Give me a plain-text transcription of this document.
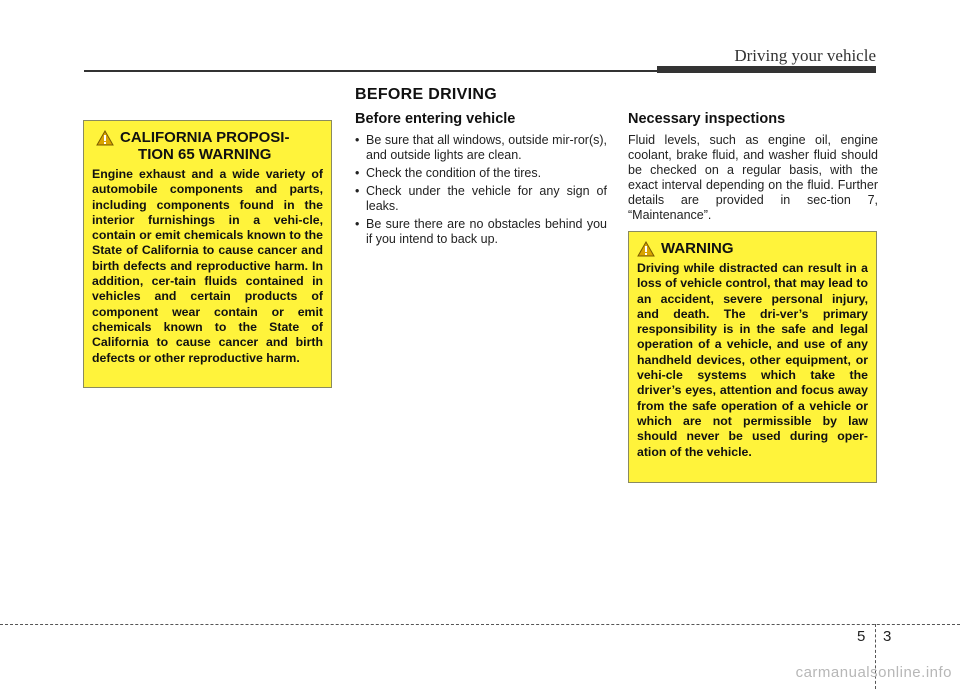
Driving your vehicle
BEFORE DRIVING
CALIFORNIA PROPOSI-
TION 65 WARNING
Engine exhaust and a wide variety of automobile components and parts, including components found in the interior furnishings in a vehi-cle, contain or emit chemicals known to the State of California to cause cancer and birth defects and reproductive harm. In addition, cer-tain fluids contained in vehicles and certain products of component wear contain or emit chemicals known to the State of California to cause cancer and birth defects or other reproductive harm.
Before entering vehicle
• Be sure that all windows, outside mir-ror(s), and outside lights are clean.
• Check the condition of the tires.
• Check under the vehicle for any sign of leaks.
• Be sure there are no obstacles behind you if you intend to back up.
Necessary inspections

Fluid levels, such as engine oil, engine coolant, brake fluid, and washer fluid should be checked on a regular basis, with the exact interval depending on the fluid. Further details are provided in sec-tion 7, “Maintenance”.

WARNING
Driving while distracted can result in a loss of vehicle control, that may lead to an accident, severe personal injury, and death. The dri-ver’s primary responsibility is in the safe and legal operation of a vehicle, and use of any handheld devices, other equipment, or vehi-cle systems which take the driver’s eyes, attention and focus away from the safe operation of a vehicle or which are not permissible by law should never be used during oper-ation of the vehicle.
5 3
carmanualsonline.info
